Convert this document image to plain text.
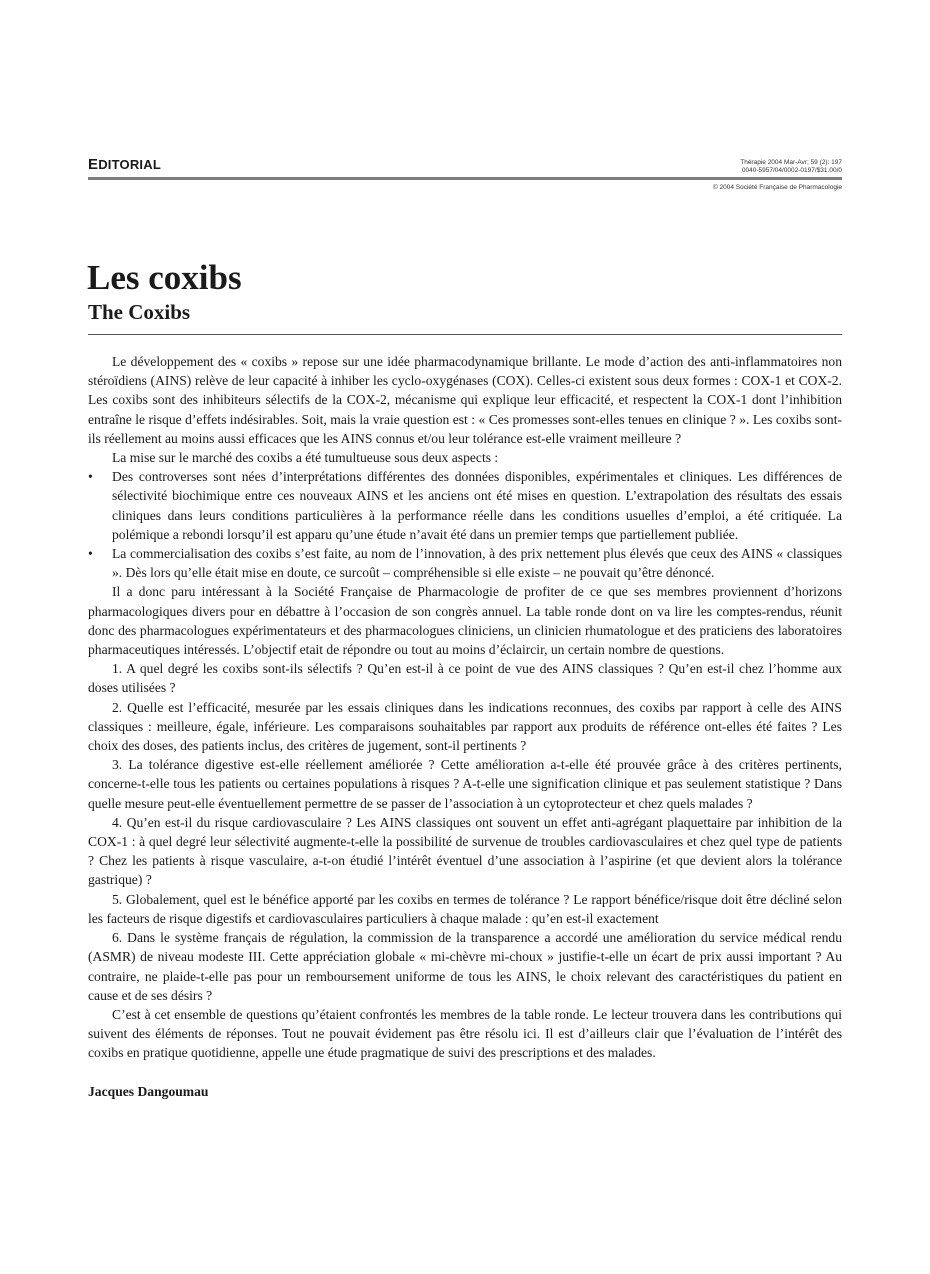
EDITORIAL	Thérapie 2004 Mar-Avr; 59 (2): 197
0040-5957/04/0002-0197/$31.00/0
© 2004 Société Française de Pharmacologie
Les coxibs
The Coxibs

Le développement des « coxibs » repose sur une idée pharmacodynamique brillante. Le mode d’action des anti-inflammatoires non stéroïdiens (AINS) relève de leur capacité à inhiber les cyclo-oxygénases (COX). Celles-ci existent sous deux formes : COX-1 et COX-2. Les coxibs sont des inhibiteurs sélectifs de la COX-2, mécanisme qui explique leur efficacité, et respectent la COX-1 dont l’inhibition entraîne le risque d’effets indésirables. Soit, mais la vraie question est : « Ces promesses sont-elles tenues en clinique ? ». Les coxibs sont-ils réellement au moins aussi efficaces que les AINS connus et/ou leur tolérance est-elle vraiment meilleure ?

La mise sur le marché des coxibs a été tumultueuse sous deux aspects :

• Des controverses sont nées d’interprétations différentes des données disponibles, expérimentales et cliniques. Les différences de sélectivité biochimique entre ces nouveaux AINS et les anciens ont été mises en question. L’extrapolation des résultats des essais cliniques dans leurs conditions particulières à la performance réelle dans les conditions usuelles d’emploi, a été critiquée. La polémique a rebondi lorsqu’il est apparu qu’une étude n’avait été dans un premier temps que partiellement publiée.
• La commercialisation des coxibs s’est faite, au nom de l’innovation, à des prix nettement plus élevés que ceux des AINS « classiques ». Dès lors qu’elle était mise en doute, ce surcoût – compréhensible si elle existe – ne pouvait qu’être dénoncé.

Il a donc paru intéressant à la Société Française de Pharmacologie de profiter de ce que ses membres proviennent d’horizons pharmacologiques divers pour en débattre à l’occasion de son congrès annuel. La table ronde dont on va lire les comptes-rendus, réunit donc des pharmacologues expérimentateurs et des pharmacologues cliniciens, un clinicien rhumatologue et des praticiens des laboratoires pharmaceutiques intéressés. L’objectif etait de répondre ou tout au moins d’éclaircir, un certain nombre de questions.

1. A quel degré les coxibs sont-ils sélectifs ? Qu’en est-il à ce point de vue des AINS classiques ? Qu’en est-il chez l’homme aux doses utilisées ?

2. Quelle est l’efficacité, mesurée par les essais cliniques dans les indications reconnues, des coxibs par rapport à celle des AINS classiques : meilleure, égale, inférieure. Les comparaisons souhaitables par rapport aux produits de référence ont-elles été faites ? Les choix des doses, des patients inclus, des critères de jugement, sont-il pertinents ?

3. La tolérance digestive est-elle réellement améliorée ? Cette amélioration a-t-elle été prouvée grâce à des critères pertinents, concerne-t-elle tous les patients ou certaines populations à risques ? A-t-elle une signification clinique et pas seulement statistique ? Dans quelle mesure peut-elle éventuellement permettre de se passer de l’association à un cytoprotecteur et chez quels malades ?

4. Qu’en est-il du risque cardiovasculaire ? Les AINS classiques ont souvent un effet anti-agrégant plaquettaire par inhibition de la COX-1 : à quel degré leur sélectivité augmente-t-elle la possibilité de survenue de troubles cardiovasculaires et chez quel type de patients ? Chez les patients à risque vasculaire, a-t-on étudié l’intérêt éventuel d’une association à l’aspirine (et que devient alors la tolérance gastrique) ?

5. Globalement, quel est le bénéfice apporté par les coxibs en termes de tolérance ? Le rapport bénéfice/risque doit être décliné selon les facteurs de risque digestifs et cardiovasculaires particuliers à chaque malade : qu’en est-il exactement

6. Dans le système français de régulation, la commission de la transparence a accordé une amélioration du service médical rendu (ASMR) de niveau modeste III. Cette appréciation globale « mi-chèvre mi-choux » justifie-t-elle un écart de prix aussi important ? Au contraire, ne plaide-t-elle pas pour un remboursement uniforme de tous les AINS, le choix relevant des caractéristiques du patient en cause et de ses désirs ?

C’est à cet ensemble de questions qu’étaient confrontés les membres de la table ronde. Le lecteur trouvera dans les contributions qui suivent des éléments de réponses. Tout ne pouvait évidement pas être résolu ici. Il est d’ailleurs clair que l’évaluation de l’intérêt des coxibs en pratique quotidienne, appelle une étude pragmatique de suivi des prescriptions et des malades.

Jacques Dangoumau
